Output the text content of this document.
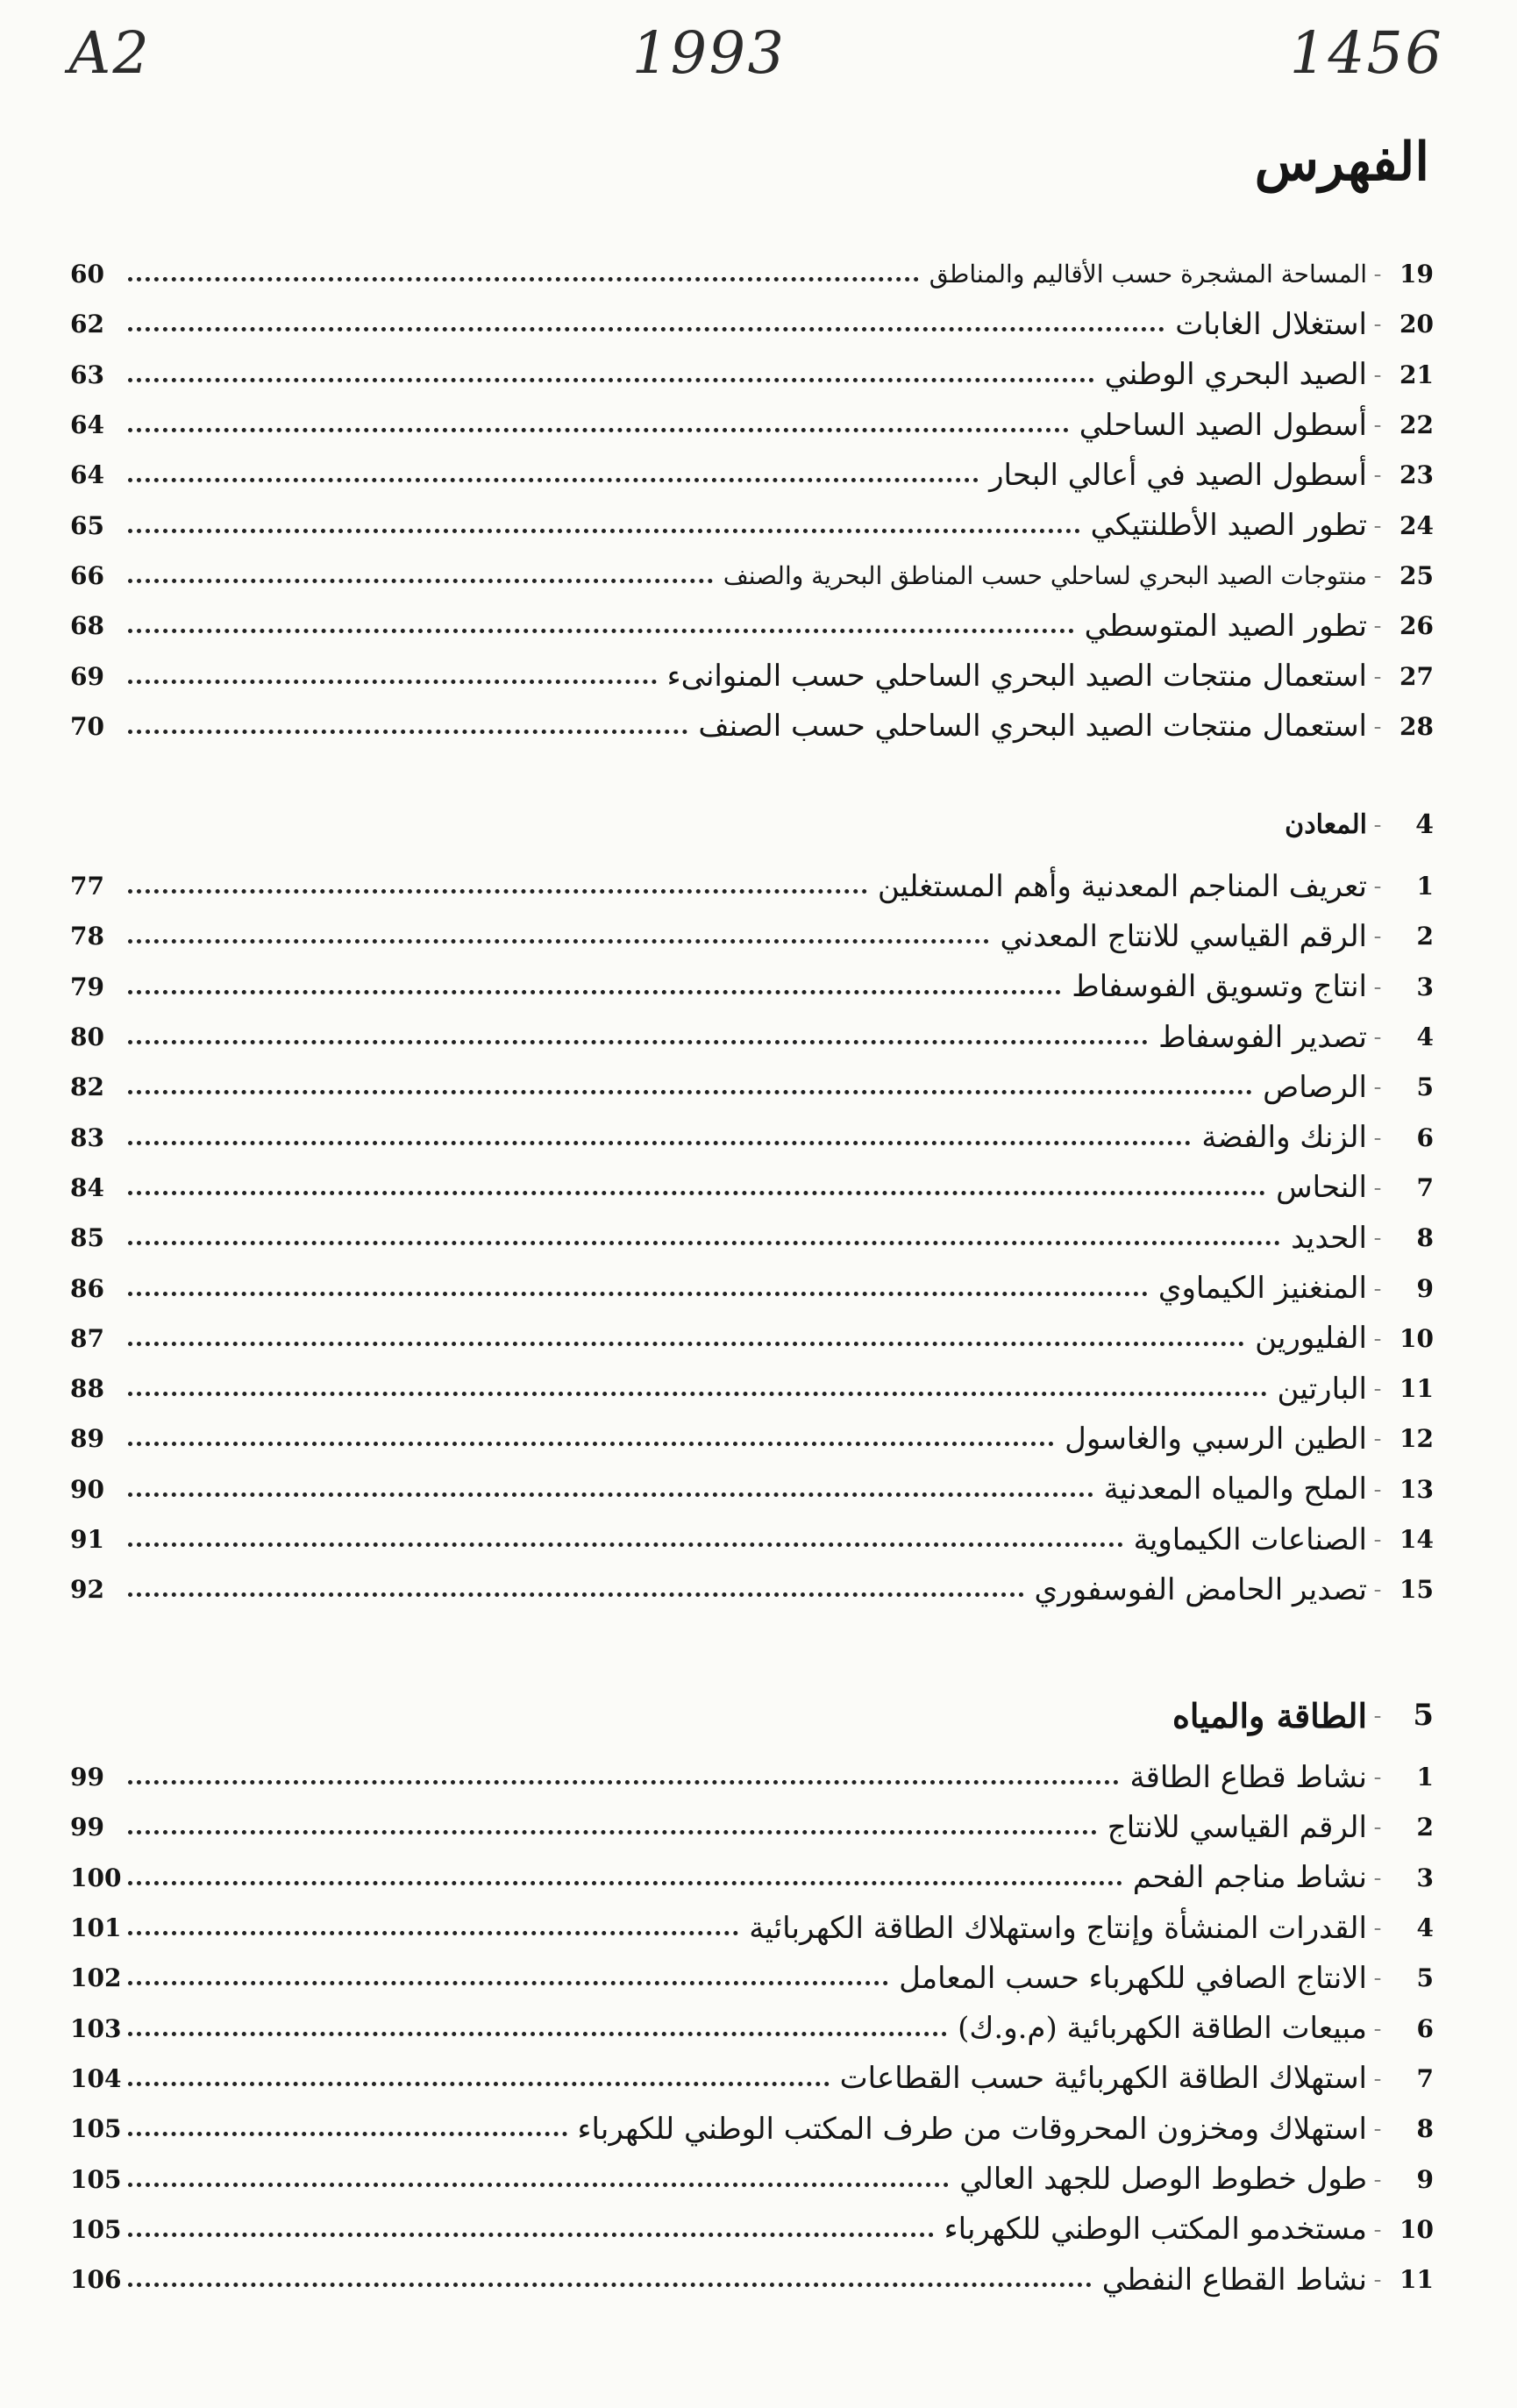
A2	1993	1456
الفهرس
60	المساحة المشجرة حسب الأقاليم والمناطق – 19
62	استغلال الغابات – 20
63	الصيد البحري الوطني – 21
64	أسطول الصيد الساحلي – 22
64	أسطول الصيد في أعالي البحار – 23
65	تطور الصيد الأطلنتيكي – 24
66	منتوجات الصيد البحري لساحلي حسب المناطق البحرية والصنف – 25
68	تطور الصيد المتوسطي – 26
69	استعمال منتجات الصيد البحري الساحلي حسب المنوانىء – 27
70	استعمال منتجات الصيد البحري الساحلي حسب الصنف – 28
المعادن –	4
77	تعريف المناجم المعدنية وأهم المستغلين –	1
78	الرقم القياسي للانتاج المعدني –	2
79	انتاج وتسويق الفوسفاط –	3
80	تصدير الفوسفاط –	4
82	الرصاص –	5
83	الزنك والفضة –	6
84	النحاس –	7
85	الحديد –	8
86	المنغنيز الكيماوي –	9
87	الفليورين – 10
88	البارتين – 11
89	الطين الرسبي والغاسول – 12
90	الملح والمياه المعدنية – 13
91	الصناعات الكيماوية – 14
92	تصدير الحامض الفوسفوري – 15
الطاقة والمياه –	5
99	نشاط قطاع الطاقة –	1
99	الرقم القياسي للانتاج –	2
100	نشاط مناجم الفحم –	3
101	القدرات المنشأة وإنتاج واستهلاك الطاقة الكهربائية –	4
102	الانتاج الصافي للكهرباء حسب المعامل –	5
103	مبيعات الطاقة الكهربائية (م.و.ك) –	6
104	استهلاك الطاقة الكهربائية حسب القطاعات –	7
105	استهلاك ومخزون المحروقات من طرف المكتب الوطني للكهرباء –	8
105	طول خطوط الوصل للجهد العالي –	9
105	مستخدمو المكتب الوطني للكهرباء – 10
106	نشاط القطاع النفطي – 11
